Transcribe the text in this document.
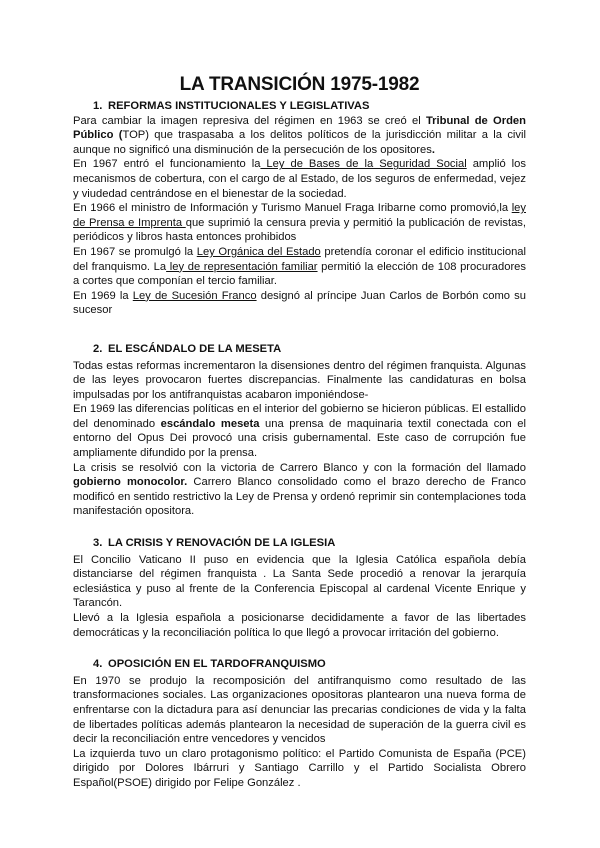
LA TRANSICIÓN 1975-1982
1. REFORMAS INSTITUCIONALES Y LEGISLATIVAS

Para cambiar la imagen represiva del régimen en 1963 se creó el Tribunal de Orden Público (TOP) que traspasaba a los delitos políticos de la jurisdicción militar a la civil aunque no significó una disminución de la persecución de los opositores.

En 1967 entró el funcionamiento la Ley de Bases de la Seguridad Social amplió los mecanismos de cobertura, con el cargo de al Estado, de los seguros de enfermedad, vejez y viudedad centrándose en el bienestar de la sociedad.

En 1966 el ministro de Información y Turismo Manuel Fraga Iribarne como promovió,la ley de Prensa e Imprenta que suprimió la censura previa y permitió la publicación de revistas, periódicos y libros hasta entonces prohibidos

En 1967 se promulgó la Ley Orgánica del Estado pretendía coronar el edificio institucional del franquismo. La ley de representación familiar permitió la elección de 108 procuradores a cortes que componían el tercio familiar.

En 1969 la Ley de Sucesión Franco designó al príncipe Juan Carlos de Borbón como su sucesor

2. EL ESCÁNDALO DE LA MESETA

Todas estas reformas incrementaron la disensiones dentro del régimen franquista. Algunas de las leyes provocaron fuertes discrepancias. Finalmente las candidaturas en bolsa impulsadas por los antifranquistas acabaron imponiéndose-

En 1969 las diferencias políticas en el interior del gobierno se hicieron públicas. El estallido del denominado escándalo meseta una prensa de maquinaria textil conectada con el entorno del Opus Dei provocó una crisis gubernamental. Este caso de corrupción fue ampliamente difundido por la prensa.

La crisis se resolvió con la victoria de Carrero Blanco y con la formación del llamado gobierno monocolor. Carrero Blanco consolidado como el brazo derecho de Franco modificó en sentido restrictivo la Ley de Prensa y ordenó reprimir sin contemplaciones toda manifestación opositora.

3. LA CRISIS Y RENOVACIÓN DE LA IGLESIA

El Concilio Vaticano II puso en evidencia que la Iglesia Católica española debía distanciarse del régimen franquista . La Santa Sede procedió a renovar la jerarquía eclesiástica y puso al frente de la Conferencia Episcopal al cardenal Vicente Enrique y Tarancón.

Llevó a la Iglesia española a posicionarse decididamente a favor de las libertades democráticas y la reconciliación política lo que llegó a provocar irritación del gobierno.

4. OPOSICIÓN EN EL TARDOFRANQUISMO

En 1970 se produjo la recomposición del antifranquismo como resultado de las transformaciones sociales. Las organizaciones opositoras plantearon una nueva forma de enfrentarse con la dictadura para así denunciar las precarias condiciones de vida y la falta de libertades políticas además plantearon la necesidad de superación de la guerra civil es decir la reconciliación entre vencedores y vencidos

La izquierda tuvo un claro protagonismo político: el Partido Comunista de España (PCE) dirigido por Dolores Ibárruri y Santiago Carrillo y el Partido Socialista Obrero Español(PSOE) dirigido por Felipe González .
